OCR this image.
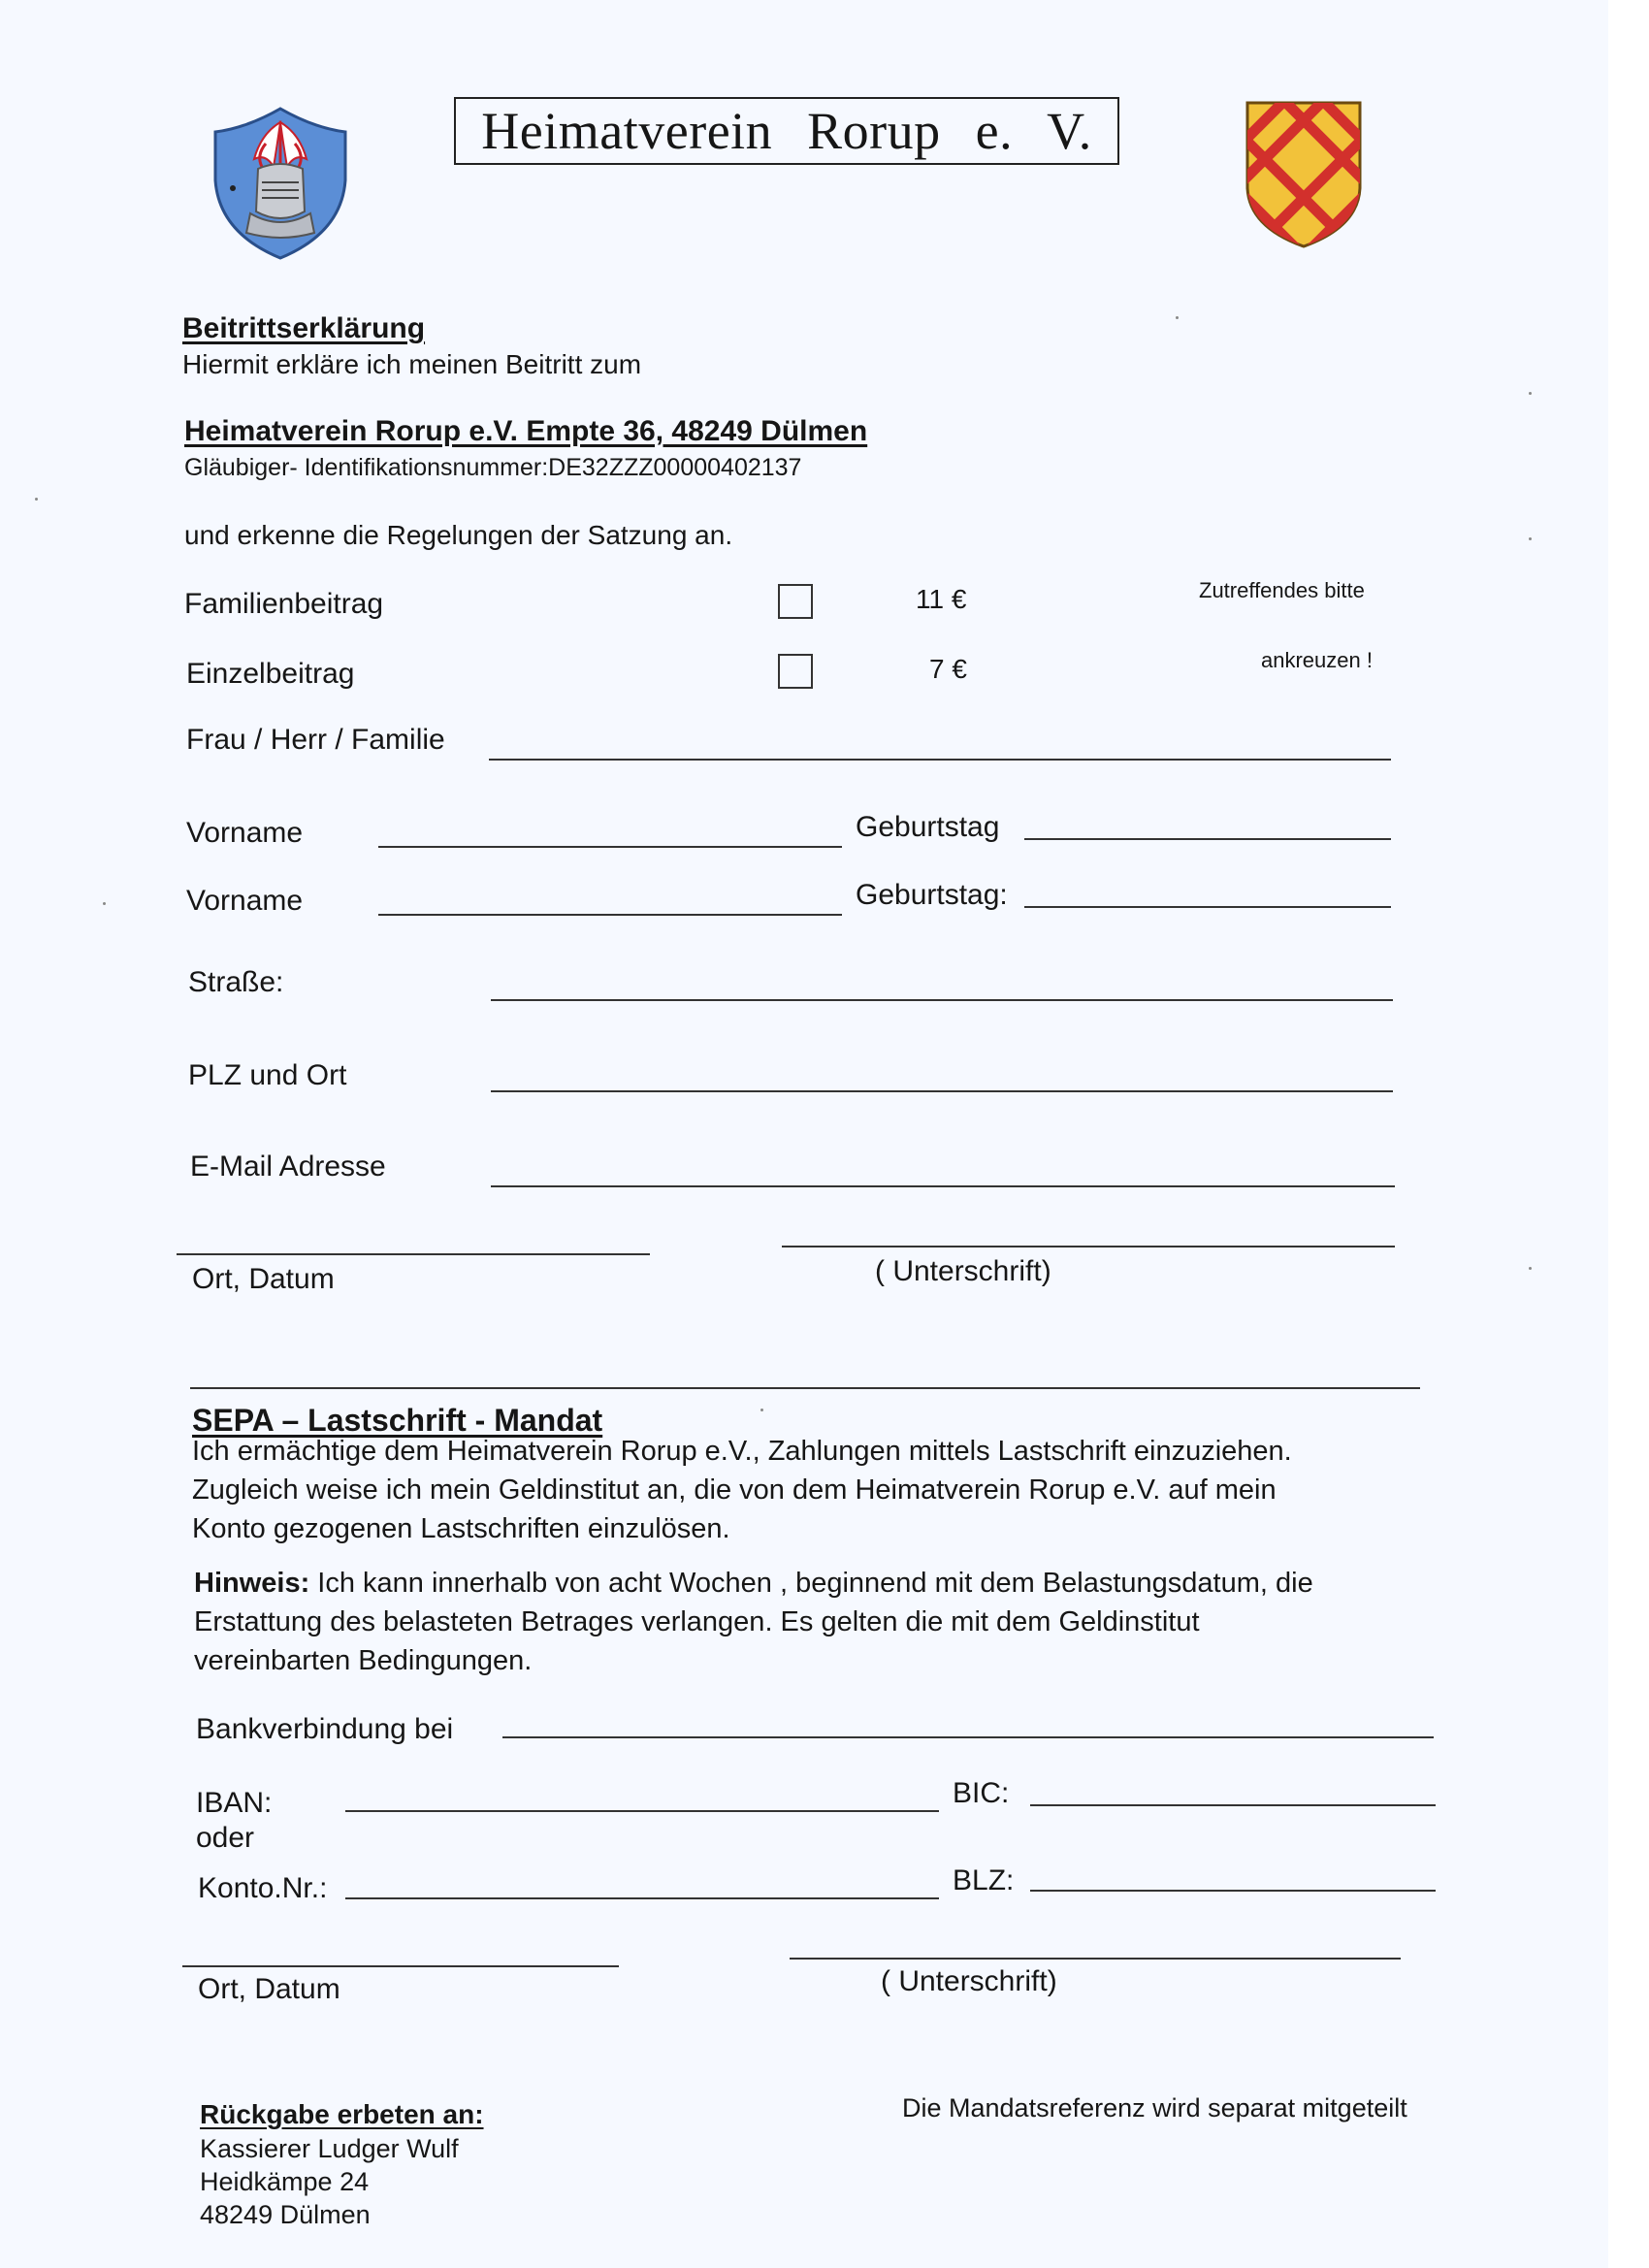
Heimatverein Rorup e. V.
Beitrittserklärung
Hiermit erkläre ich meinen Beitritt zum
Heimatverein Rorup e.V. Empte 36, 48249 Dülmen
Gläubiger- Identifikationsnummer:DE32ZZZ00000402137
und erkenne die Regelungen der Satzung an.
Familienbeitrag	11 €	Zutreffendes bitte
Einzelbeitrag	7 €	ankreuzen !
Frau / Herr / Familie
Vorname	Geburtstag
Vorname	Geburtstag:
Straße:
PLZ und Ort
E-Mail Adresse
Ort, Datum	( Unterschrift)
SEPA – Lastschrift - Mandat
Ich ermächtige dem Heimatverein Rorup e.V., Zahlungen mittels Lastschrift einzuziehen.
Zugleich weise ich mein Geldinstitut an, die von dem Heimatverein Rorup e.V. auf mein
Konto gezogenen Lastschriften einzulösen.
Hinweis: Ich kann innerhalb von acht Wochen , beginnend mit dem Belastungsdatum, die
Erstattung des belasteten Betrages verlangen. Es gelten die mit dem Geldinstitut
vereinbarten Bedingungen.
Bankverbindung bei
IBAN:	BIC:
oder
Konto.Nr.:	BLZ:
Ort, Datum	( Unterschrift)
Rückgabe erbeten an:
Kassierer Ludger Wulf
Heidkämpe 24
48249 Dülmen
Die Mandatsreferenz wird separat mitgeteilt
